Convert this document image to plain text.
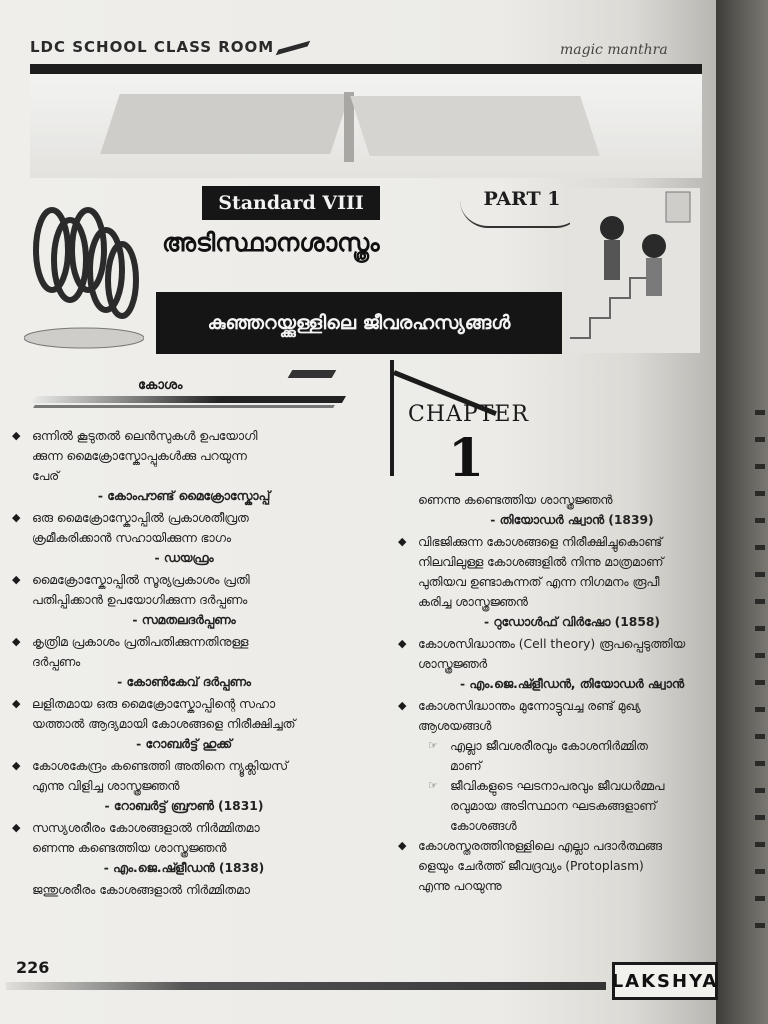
LDC SCHOOL CLASS ROOM	magic manthra
Standard VIII	PART 1
അടിസ്ഥാനശാസ്ത്രം
കുഞ്ഞറയ്ക്കുള്ളിലെ ജീവരഹസ്യങ്ങൾ
കോശം
CHAPTER
1
◆ ഒന്നിൽ കൂടുതൽ ലെൻസുകൾ ഉപയോഗി
ക്കുന്ന മൈക്രോസ്കോപ്പുകൾക്കു പറയുന്ന
പേര്
- കോംപൗണ്ട് മൈക്രോസ്കോപ്പ്
◆ ഒരു മൈക്രോസ്കോപ്പിൽ പ്രകാശതീവ്രത
ക്രമീകരിക്കാൻ സഹായിക്കുന്ന ഭാഗം
- ഡയഫ്രം
◆ മൈക്രോസ്കോപ്പിൽ സൂര്യപ്രകാശം പ്രതി
പതിപ്പിക്കാൻ ഉപയോഗിക്കുന്ന ദർപ്പണം
- സമതലദർപ്പണം
◆ കൃത്രിമ പ്രകാശം പ്രതിപതിക്കുന്നതിനുള്ള
ദർപ്പണം
- കോൺകേവ് ദർപ്പണം
◆ ലളിതമായ ഒരു മൈക്രോസ്കോപ്പിന്റെ സഹാ
യത്താൽ ആദ്യമായി കോശങ്ങളെ നിരീക്ഷിച്ചത്
- റോബർട്ട് ഹുക്ക്
◆ കോശകേന്ദ്രം കണ്ടെത്തി അതിനെ ന്യൂക്ലിയസ്
എന്നു വിളിച്ച ശാസ്ത്രജ്ഞൻ
- റോബർട്ട് ബ്രൗൺ (1831)
◆ സസ്യശരീരം കോശങ്ങളാൽ നിർമ്മിതമാ
ണെന്നു കണ്ടെത്തിയ ശാസ്ത്രജ്ഞൻ
- എം.ജെ.ഷ്ളീഡൻ (1838)
ജന്തുശരീരം കോശങ്ങളാൽ നിർമ്മിതമാ
ണെന്നു കണ്ടെത്തിയ ശാസ്ത്രജ്ഞൻ
- തിയോഡർ ഷ്വാൻ (1839)
◆ വിഭജിക്കുന്ന കോശങ്ങളെ നിരീക്ഷിച്ചുകൊണ്ട്
നിലവിലുള്ള കോശങ്ങളിൽ നിന്നു മാത്രമാണ്
പുതിയവ ഉണ്ടാകുന്നത് എന്ന നിഗമനം രൂപീ
കരിച്ച ശാസ്ത്രജ്ഞൻ
- റുഡോൾഫ് വിർഷോ (1858)
◆ കോശസിദ്ധാന്തം (Cell theory) രൂപപ്പെടുത്തിയ
ശാസ്ത്രജ്ഞർ
- എം.ജെ.ഷ്ളീഡൻ, തിയോഡർ ഷ്വാൻ
◆ കോശസിദ്ധാന്തം മുന്നോട്ടുവച്ച രണ്ട് മുഖ്യ
ആശയങ്ങൾ
☞ എല്ലാ ജീവശരീരവും കോശനിർമ്മിത
മാണ്
☞ ജീവികളുടെ ഘടനാപരവും ജീവധർമ്മപ
രവുമായ അടിസ്ഥാന ഘടകങ്ങളാണ്
കോശങ്ങൾ
◆ കോശസ്തരത്തിനുള്ളിലെ എല്ലാ പദാർത്ഥങ്ങ
ളെയും ചേർത്ത് ജീവദ്രവ്യം (Protoplasm)
എന്നു പറയുന്നു
226
LAKSHYA
